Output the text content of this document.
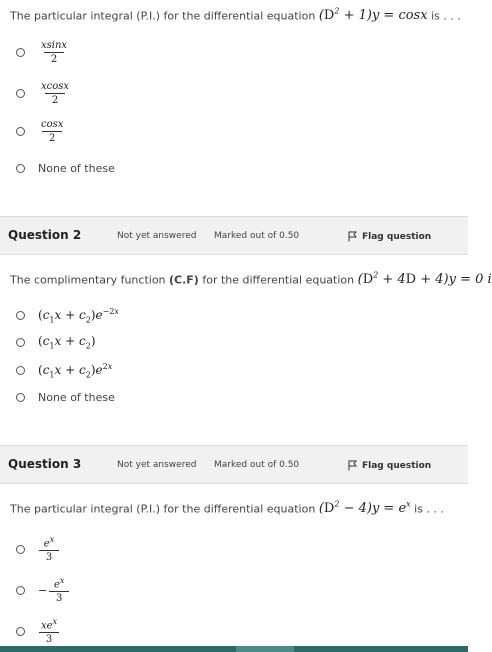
The particular integral (P.I.) for the differential equation $(D^2 + 1)y = \cos x$ is . . .
$\frac{xsinx}{2}$
$\frac{xcosx}{2}$
$\frac{\cos x}{2}$
None of these
Question 2	Not yet answered Marked out of 0.50	Flag question
The complimentary function (C.F) for the differential equation $(D^2 + 4D + 4)y = 0$ i
$(c_1x + c_2)e^{-2x}$
$(c_1x + c_2)$
$(c_1x + c_2)e^{2x}$
None of these
Question 3	Not yet answered Marked out of 0.50	Flag question
The particular integral (P.I.) for the differential equation $(D^2 - 4)y = e^x$ is . . .
$\frac{e^x}{3}$
− $\frac{e^x}{3}$
$\frac{xe^x}{3}$
